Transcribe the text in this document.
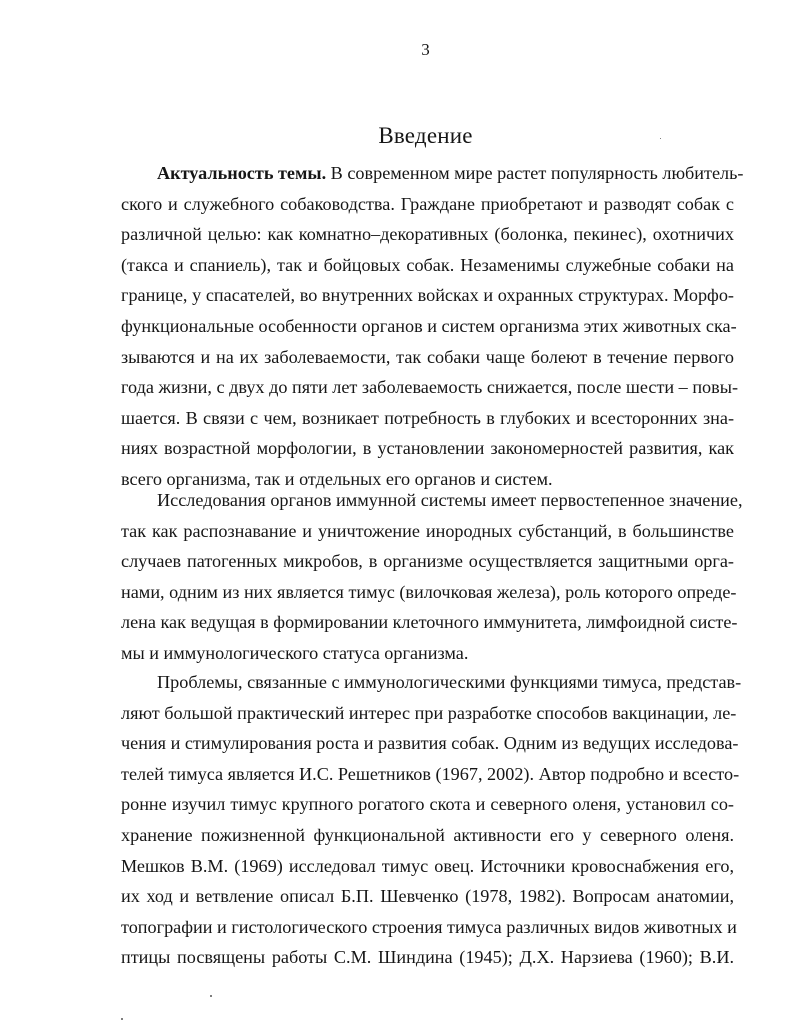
3
Введение
Актуальность темы. В современном мире растет популярность любитель-
ского и служебного собаководства. Граждане приобретают и разводят собак с
различной целью: как комнатно–декоративных (болонка, пекинес), охотничих
(такса и спаниель), так и бойцовых собак. Незаменимы служебные собаки на
границе, у спасателей, во внутренних войсках и охранных структурах. Морфо-
функциональные особенности органов и систем организма этих животных ска-
зываются и на их заболеваемости, так собаки чаще болеют в течение первого
года жизни, с двух до пяти лет заболеваемость снижается, после шести – повы-
шается. В связи с чем, возникает потребность в глубоких и всесторонних зна-
ниях возрастной морфологии, в установлении закономерностей развития, как
всего организма, так и отдельных его органов и систем.
Исследования органов иммунной системы имеет первостепенное значение,
так как распознавание и уничтожение инородных субстанций, в большинстве
случаев патогенных микробов, в организме осуществляется защитными орга-
нами, одним из них является тимус (вилочковая железа), роль которого опреде-
лена как ведущая в формировании клеточного иммунитета, лимфоидной систе-
мы и иммунологического статуса организма.
Проблемы, связанные с иммунологическими функциями тимуса, представ-
ляют большой практический интерес при разработке способов вакцинации, ле-
чения и стимулирования роста и развития собак. Одним из ведущих исследова-
телей тимуса является И.С. Решетников (1967, 2002). Автор подробно и всесто-
ронне изучил тимус крупного рогатого скота и северного оленя, установил со-
хранение пожизненной функциональной активности его у северного оленя.
Мешков В.М. (1969) исследовал тимус овец. Источники кровоснабжения его,
их ход и ветвление описал Б.П. Шевченко (1978, 1982). Вопросам анатомии,
топографии и гистологического строения тимуса различных видов животных и
птицы посвящены работы С.М. Шиндина (1945); Д.Х. Нарзиева (1960); В.И.
